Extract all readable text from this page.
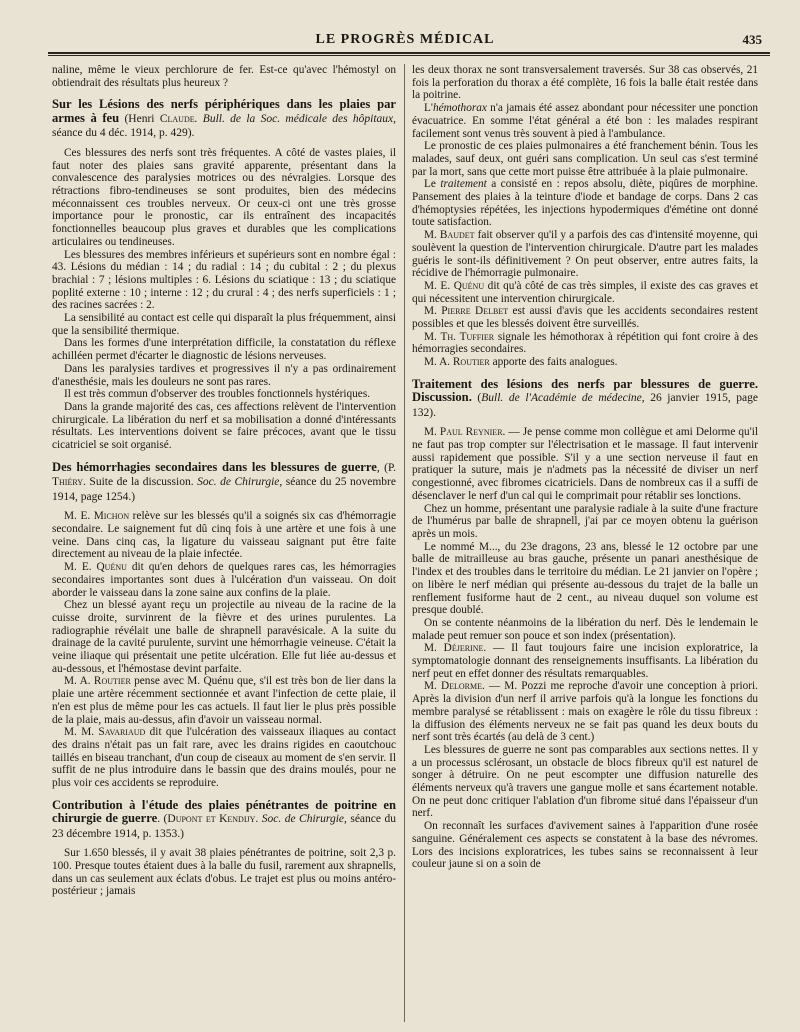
LE PROGRÈS MÉDICAL	435

naline, même le vieux perchlorure de fer. Est-ce qu'avec l'hémostyl on obtiendrait des résultats plus heureux ?

Sur les Lésions des nerfs périphériques dans les plaies par armes à feu (Henri Claude. Bull. de la Soc. médicale des hôpitaux, séance du 4 déc. 1914, p. 429).

Ces blessures des nerfs sont très fréquentes. A côté de vastes plaies, il faut noter des plaies sans gravité apparente, présentant dans la convalescence des paralysies motrices ou des névralgies. Lorsque des rétractions fibro-tendineuses se sont produites, bien des médecins méconnaissent ces troubles nerveux. Or ceux-ci ont une très grosse importance pour le pronostic, car ils entraînent des incapacités fonctionnelles beaucoup plus graves et durables que les complications articulaires ou tendineuses.

Les blessures des membres inférieurs et supérieurs sont en nombre égal : 43. Lésions du médian : 14 ; du radial : 14 ; du cubital : 2 ; du plexus brachial : 7 ; lésions multiples : 6. Lésions du sciatique : 13 ; du sciatique poplité externe : 10 ; interne : 12 ; du crural : 4 ; des nerfs superficiels : 1 ; des racines sacrées : 2.

La sensibilité au contact est celle qui disparaît la plus fréquemment, ainsi que la sensibilité thermique.

Dans les formes d'une interprétation difficile, la constatation du réflexe achilléen permet d'écarter le diagnostic de lésions nerveuses.

Dans les paralysies tardives et progressives il n'y a pas ordinairement d'anesthésie, mais les douleurs ne sont pas rares.

Il est très commun d'observer des troubles fonctionnels hystériques.

Dans la grande majorité des cas, ces affections relèvent de l'intervention chirurgicale. La libération du nerf et sa mobilisation a donné d'intéressants résultats. Les interventions doivent se faire précoces, avant que le tissu cicatriciel se soit organisé.

Des hémorrhagies secondaires dans les blessures de guerre, (P. Thiéry. Suite de la discussion. Soc. de Chirurgie, séance du 25 novembre 1914, page 1254.)

M. E. Michon relève sur les blessés qu'il a soignés six cas d'hémorragie secondaire. Le saignement fut dû cinq fois à une artère et une fois à une veine. Dans cinq cas, la ligature du vaisseau saignant put être faite directement au niveau de la plaie infectée.

M. E. Quénu dit qu'en dehors de quelques rares cas, les hémorragies secondaires importantes sont dues à l'ulcération d'un vaisseau. On doit aborder le vaisseau dans la zone saine aux confins de la plaie.

Chez un blessé ayant reçu un projectile au niveau de la racine de la cuisse droite, survinrent de la fièvre et des urines purulentes. La radiographie révélait une balle de shrapnell paravésicale. A la suite du drainage de la cavité purulente, survint une hémorrhagie veineuse. C'était la veine iliaque qui présentait une petite ulcération. Elle fut liée au-dessus et au-dessous, et l'hémostase devint parfaite.

M. A. Routier pense avec M. Quénu que, s'il est très bon de lier dans la plaie une artère récemment sectionnée et avant l'infection de cette plaie, il n'en est plus de même pour les cas actuels. Il faut lier le plus près possible de la plaie, mais au-dessus, afin d'avoir un vaisseau normal.

M. M. Savariaud dit que l'ulcération des vaisseaux iliaques au contact des drains n'était pas un fait rare, avec les drains rigides en caoutchouc taillés en biseau tranchant, d'un coup de ciseaux au moment de s'en servir. Il suffit de ne plus introduire dans le bassin que des drains moulés, pour ne plus voir ces accidents se reproduire.

Contribution à l'étude des plaies pénétrantes de poitrine en chirurgie de guerre. (Dupont et Kendijy. Soc. de Chirurgie, séance du 23 décembre 1914, p. 1353.)

Sur 1.650 blessés, il y avait 38 plaies pénétrantes de poitrine, soit 2,3 p. 100. Presque toutes étaient dues à la balle du fusil, rarement aux shrapnells, dans un cas seulement aux éclats d'obus. Le trajet est plus ou moins antéro-postérieur ; jamais

les deux thorax ne sont transversalement traversés. Sur 38 cas observés, 21 fois la perforation du thorax a été complète, 16 fois la balle était restée dans la poitrine.

L'hémothorax n'a jamais été assez abondant pour nécessiter une ponction évacuatrice. En somme l'état général a été bon : les malades respirant facilement sont venus très souvent à pied à l'ambulance.

Le pronostic de ces plaies pulmonaires a été franchement bénin. Tous les malades, sauf deux, ont guéri sans complication. Un seul cas s'est terminé par la mort, sans que cette mort puisse être attribuée à la plaie pulmonaire.

Le traitement a consisté en : repos absolu, diète, piqûres de morphine. Pansement des plaies à la teinture d'iode et bandage de corps. Dans 2 cas d'hémoptysies répétées, les injections hypodermiques d'émétine ont donné toute satisfaction.

M. Baudet fait observer qu'il y a parfois des cas d'intensité moyenne, qui soulèvent la question de l'intervention chirurgicale. D'autre part les malades guéris le sont-ils définitivement ? On peut observer, entre autres faits, la récidive de l'hémorragie pulmonaire.

M. E. Quénu dit qu'à côté de cas très simples, il existe des cas graves et qui nécessitent une intervention chirurgicale.

M. Pierre Delbet est aussi d'avis que les accidents secondaires restent possibles et que les blessés doivent être surveillés.

M. Th. Tuffier signale les hémothorax à répétition qui font croire à des hémorragies secondaires.

M. A. Routier apporte des faits analogues.

Traitement des lésions des nerfs par blessures de guerre. Discussion. (Bull. de l'Académie de médecine, 26 janvier 1915, page 132).

M. Paul Reynier. — Je pense comme mon collègue et ami Delorme qu'il ne faut pas trop compter sur l'électrisation et le massage. Il faut intervenir aussi rapidement que possible. S'il y a une section nerveuse il faut en pratiquer la suture, mais je n'admets pas la nécessité de diviser un nerf congestionné, avec fibromes cicatriciels. Dans de nombreux cas il a suffi de désenclaver le nerf d'un cal qui le comprimait pour rétablir ses lonctions.

Chez un homme, présentant une paralysie radiale à la suite d'une fracture de l'humérus par balle de shrapnell, j'ai par ce moyen obtenu la guérison après un mois.

Le nommé M..., du 23e dragons, 23 ans, blessé le 12 octobre par une balle de mitrailleuse au bras gauche, présente un panari anesthésique de l'index et des troubles dans le territoire du médian. Le 21 janvier on l'opère ; on libère le nerf médian qui présente au-dessous du trajet de la balle un renflement fusiforme haut de 2 cent., au niveau duquel son volume est presque doublé.

On se contente néanmoins de la libération du nerf. Dès le lendemain le malade peut remuer son pouce et son index (présentation).

M. Déjerine. — Il faut toujours faire une incision exploratrice, la symptomatologie donnant des renseignements insuffisants. La libération du nerf peut en effet donner des résultats remarquables.

M. Delorme. — M. Pozzi me reproche d'avoir une conception à priori. Après la division d'un nerf il arrive parfois qu'à la longue les fonctions du membre paralysé se rétablissent : mais on exagère le rôle du tissu fibreux : la diffusion des éléments nerveux ne se fait pas quand les deux bouts du nerf sont très écartés (au delà de 3 cent.)

Les blessures de guerre ne sont pas comparables aux sections nettes. Il y a un processus sclérosant, un obstacle de blocs fibreux qu'il est naturel de songer à détruire. On ne peut escompter une diffusion naturelle des éléments nerveux qu'à travers une gangue molle et sans écartement notable. On ne peut donc critiquer l'ablation d'un fibrome situé dans l'épaisseur d'un nerf.

On reconnaît les surfaces d'avivement saines à l'apparition d'une rosée sanguine. Généralement ces aspects se constatent à la base des névromes. Lors des incisions exploratrices, les tubes sains se reconnaissent à leur couleur jaune si on a soin de
